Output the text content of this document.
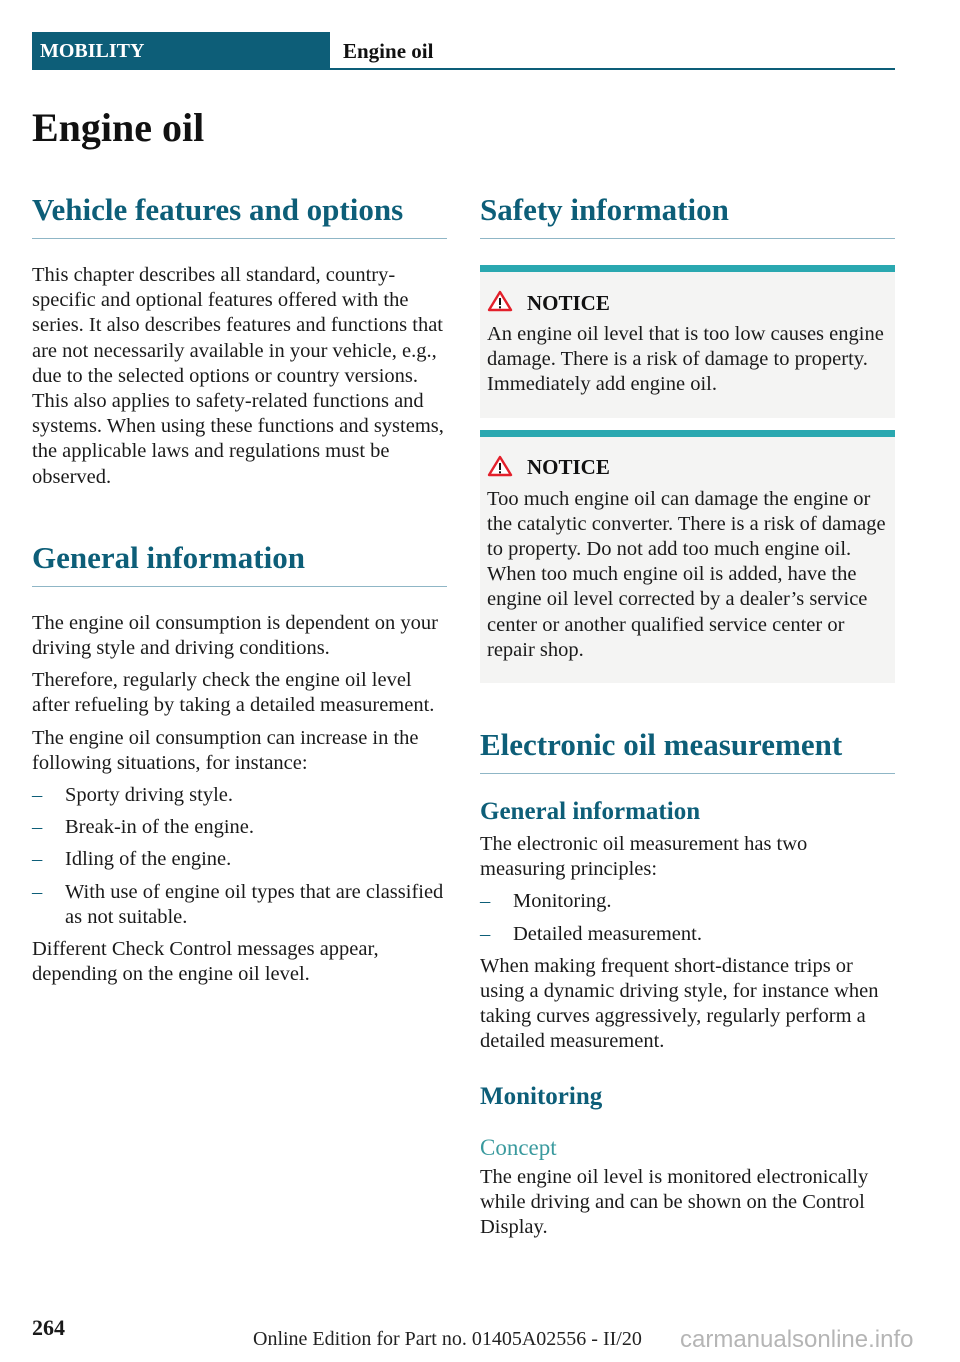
MOBILITY	Engine oil
Engine oil
Vehicle features and options

This chapter describes all standard, country-specific and optional features offered with the series. It also describes features and functions that are not necessarily available in your vehicle, e.g., due to the selected options or country versions. This also applies to safety-related functions and systems. When using these functions and systems, the applicable laws and regulations must be observed.

General information

The engine oil consumption is dependent on your driving style and driving conditions.

Therefore, regularly check the engine oil level after refueling by taking a detailed measurement.

The engine oil consumption can increase in the following situations, for instance:

– Sporty driving style.
– Break-in of the engine.
– Idling of the engine.
– With use of engine oil types that are classified as not suitable.

Different Check Control messages appear, depending on the engine oil level.

Safety information
NOTICE

An engine oil level that is too low causes engine damage. There is a risk of damage to property. Immediately add engine oil.

NOTICE

Too much engine oil can damage the engine or the catalytic converter. There is a risk of damage to property. Do not add too much engine oil. When too much engine oil is added, have the engine oil level corrected by a dealer’s service center or another qualified service center or repair shop.

Electronic oil measurement
General information

The electronic oil measurement has two measuring principles:

– Monitoring.
– Detailed measurement.

When making frequent short-distance trips or using a dynamic driving style, for instance when taking curves aggressively, regularly perform a detailed measurement.

Monitoring
Concept

The engine oil level is monitored electronically while driving and can be shown on the Control Display.

264	Online Edition for Part no. 01405A02556 - II/20 carmanualsonline.info
